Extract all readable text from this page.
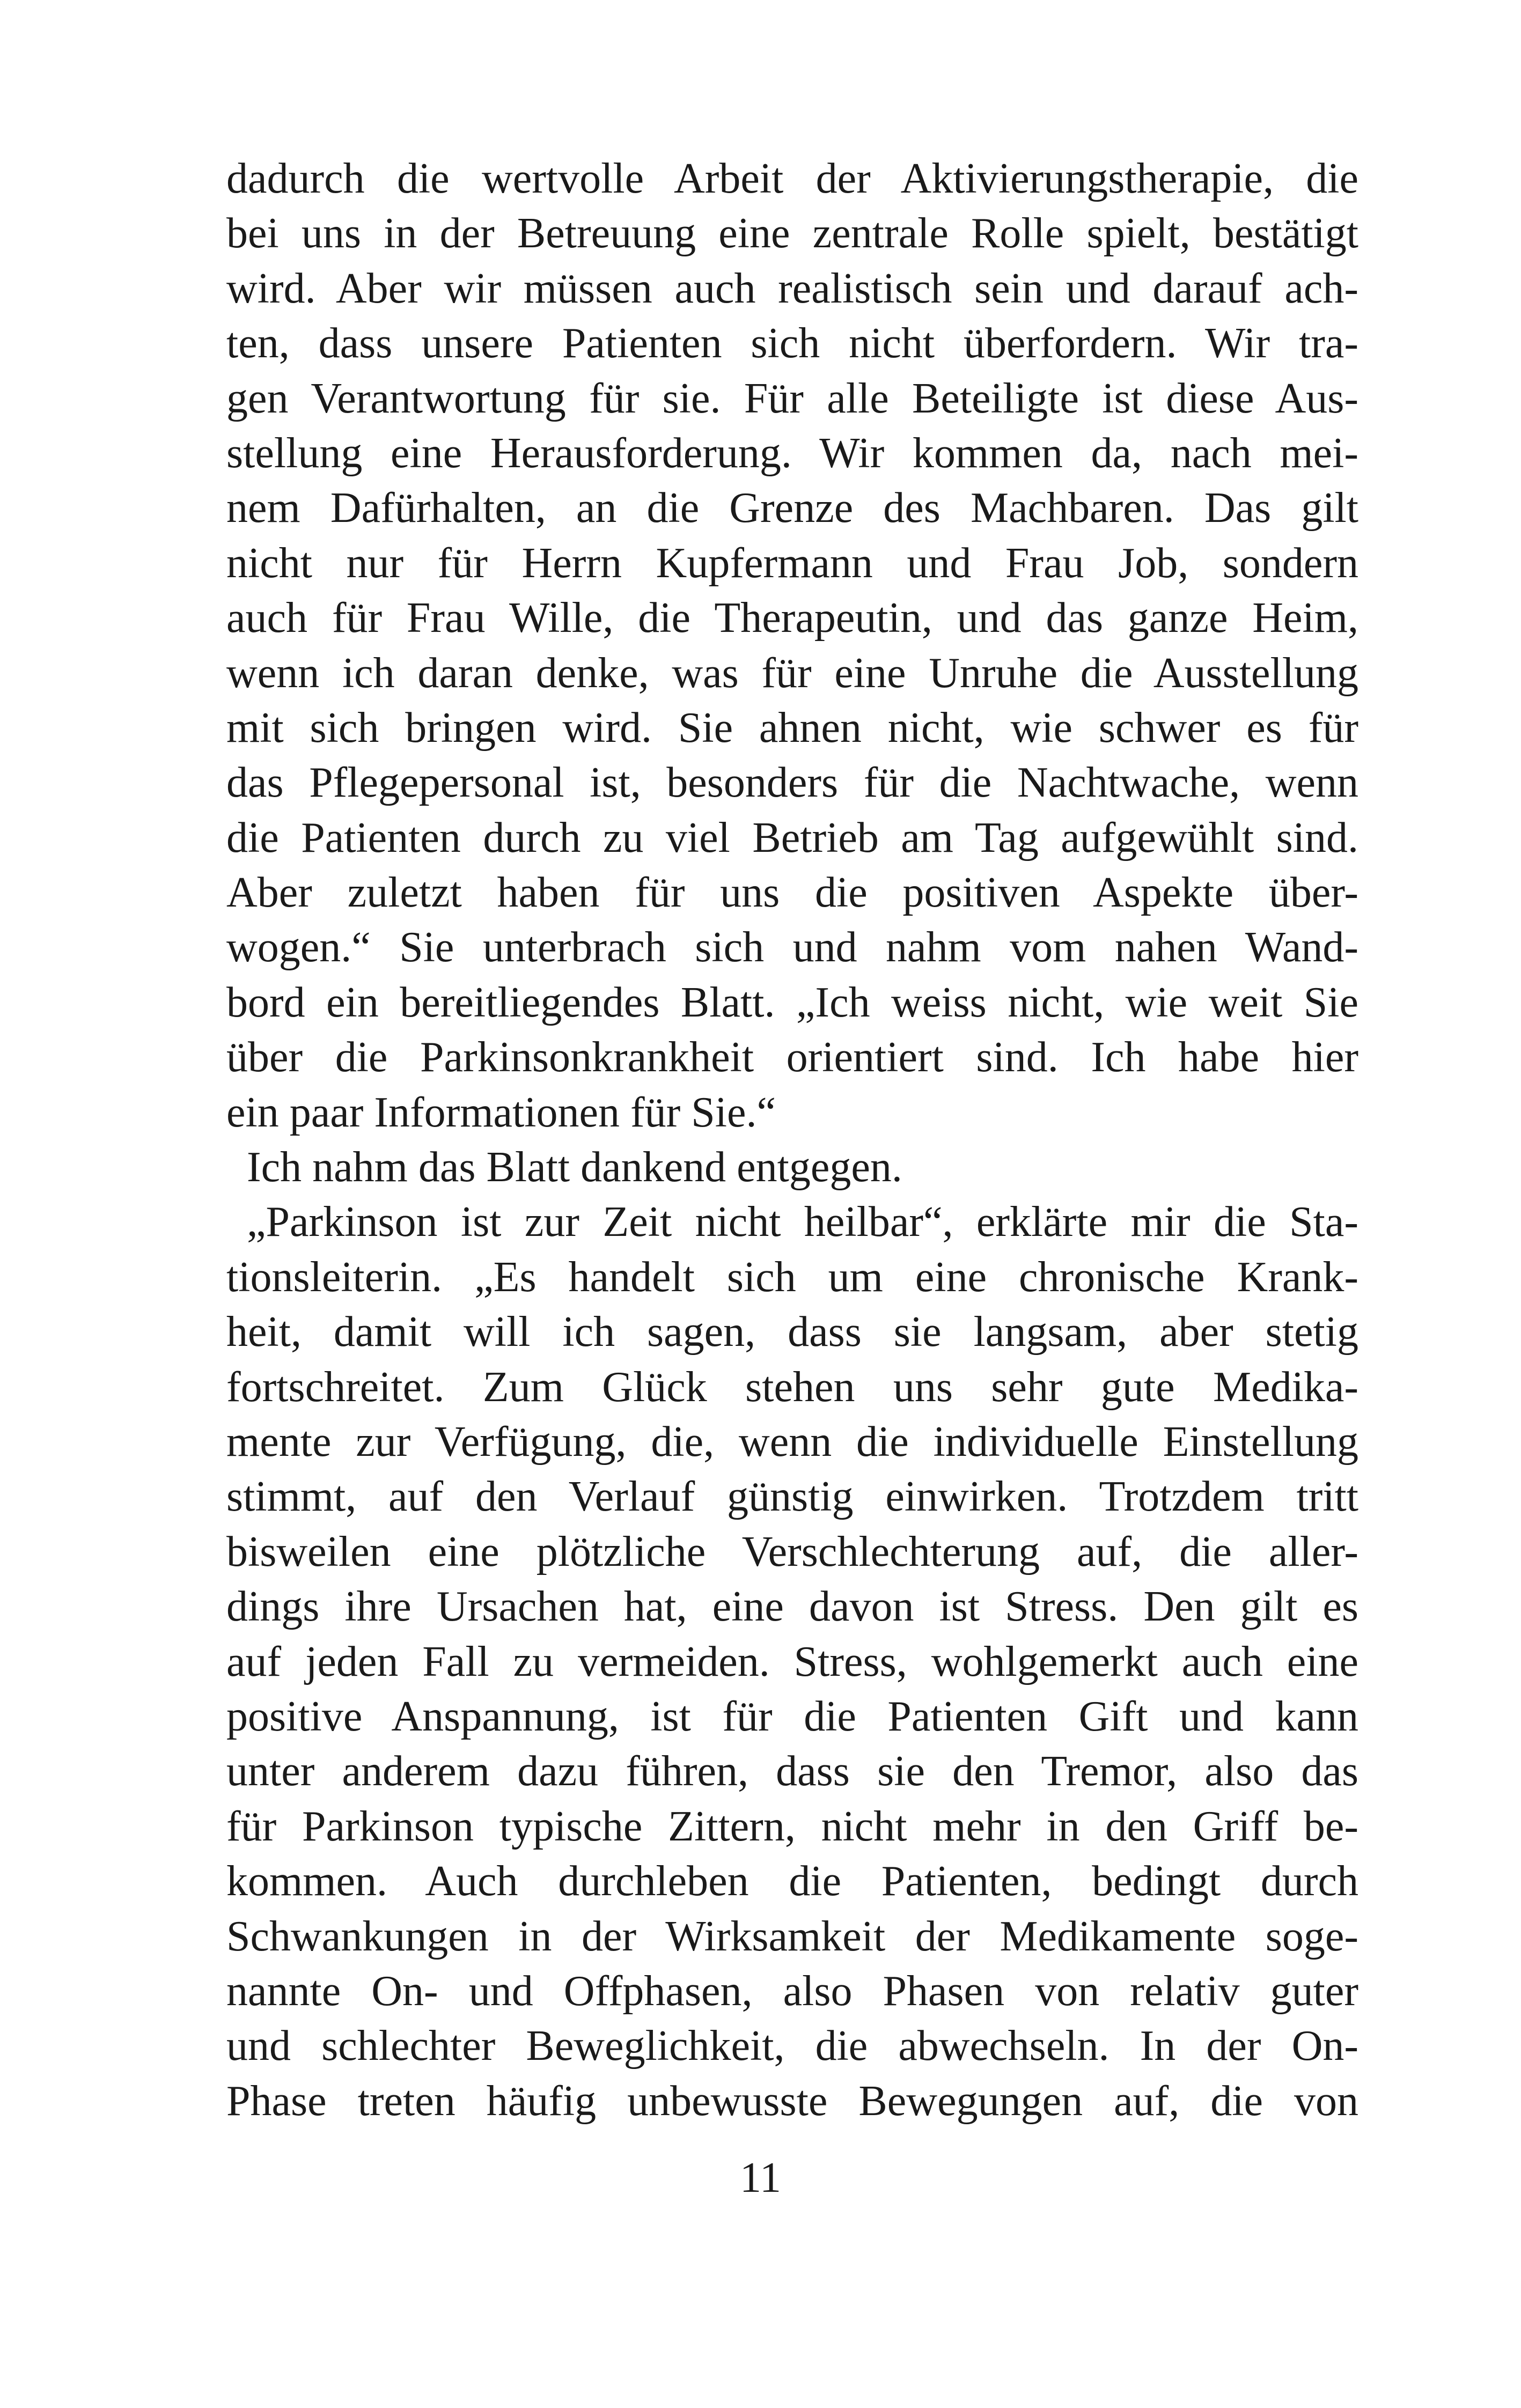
dadurch die wertvolle Arbeit der Aktivierungstherapie, die
bei uns in der Betreuung eine zentrale Rolle spielt, bestätigt
wird. Aber wir müssen auch realistisch sein und darauf ach-
ten, dass unsere Patienten sich nicht überfordern. Wir tra-
gen Verantwortung für sie. Für alle Beteiligte ist diese Aus-
stellung eine Herausforderung. Wir kommen da, nach mei-
nem Dafürhalten, an die Grenze des Machbaren. Das gilt
nicht nur für Herrn Kupfermann und Frau Job, sondern
auch für Frau Wille, die Therapeutin, und das ganze Heim,
wenn ich daran denke, was für eine Unruhe die Ausstellung
mit sich bringen wird. Sie ahnen nicht, wie schwer es für
das Pflegepersonal ist, besonders für die Nachtwache, wenn
die Patienten durch zu viel Betrieb am Tag aufgewühlt sind.
Aber zuletzt haben für uns die positiven Aspekte über-
wogen.“ Sie unterbrach sich und nahm vom nahen Wand-
bord ein bereitliegendes Blatt. „Ich weiss nicht, wie weit Sie
über die Parkinsonkrankheit orientiert sind. Ich habe hier
ein paar Informationen für Sie.“
Ich nahm das Blatt dankend entgegen.
„Parkinson ist zur Zeit nicht heilbar“, erklärte mir die Sta-
tionsleiterin. „Es handelt sich um eine chronische Krank-
heit, damit will ich sagen, dass sie langsam, aber stetig
fortschreitet. Zum Glück stehen uns sehr gute Medika-
mente zur Verfügung, die, wenn die individuelle Einstellung
stimmt, auf den Verlauf günstig einwirken. Trotzdem tritt
bisweilen eine plötzliche Verschlechterung auf, die aller-
dings ihre Ursachen hat, eine davon ist Stress. Den gilt es
auf jeden Fall zu vermeiden. Stress, wohlgemerkt auch eine
positive Anspannung, ist für die Patienten Gift und kann
unter anderem dazu führen, dass sie den Tremor, also das
für Parkinson typische Zittern, nicht mehr in den Griff be-
kommen. Auch durchleben die Patienten, bedingt durch
Schwankungen in der Wirksamkeit der Medikamente soge-
nannte On- und Offphasen, also Phasen von relativ guter
und schlechter Beweglichkeit, die abwechseln. In der On-
Phase treten häufig unbewusste Bewegungen auf, die von
11
